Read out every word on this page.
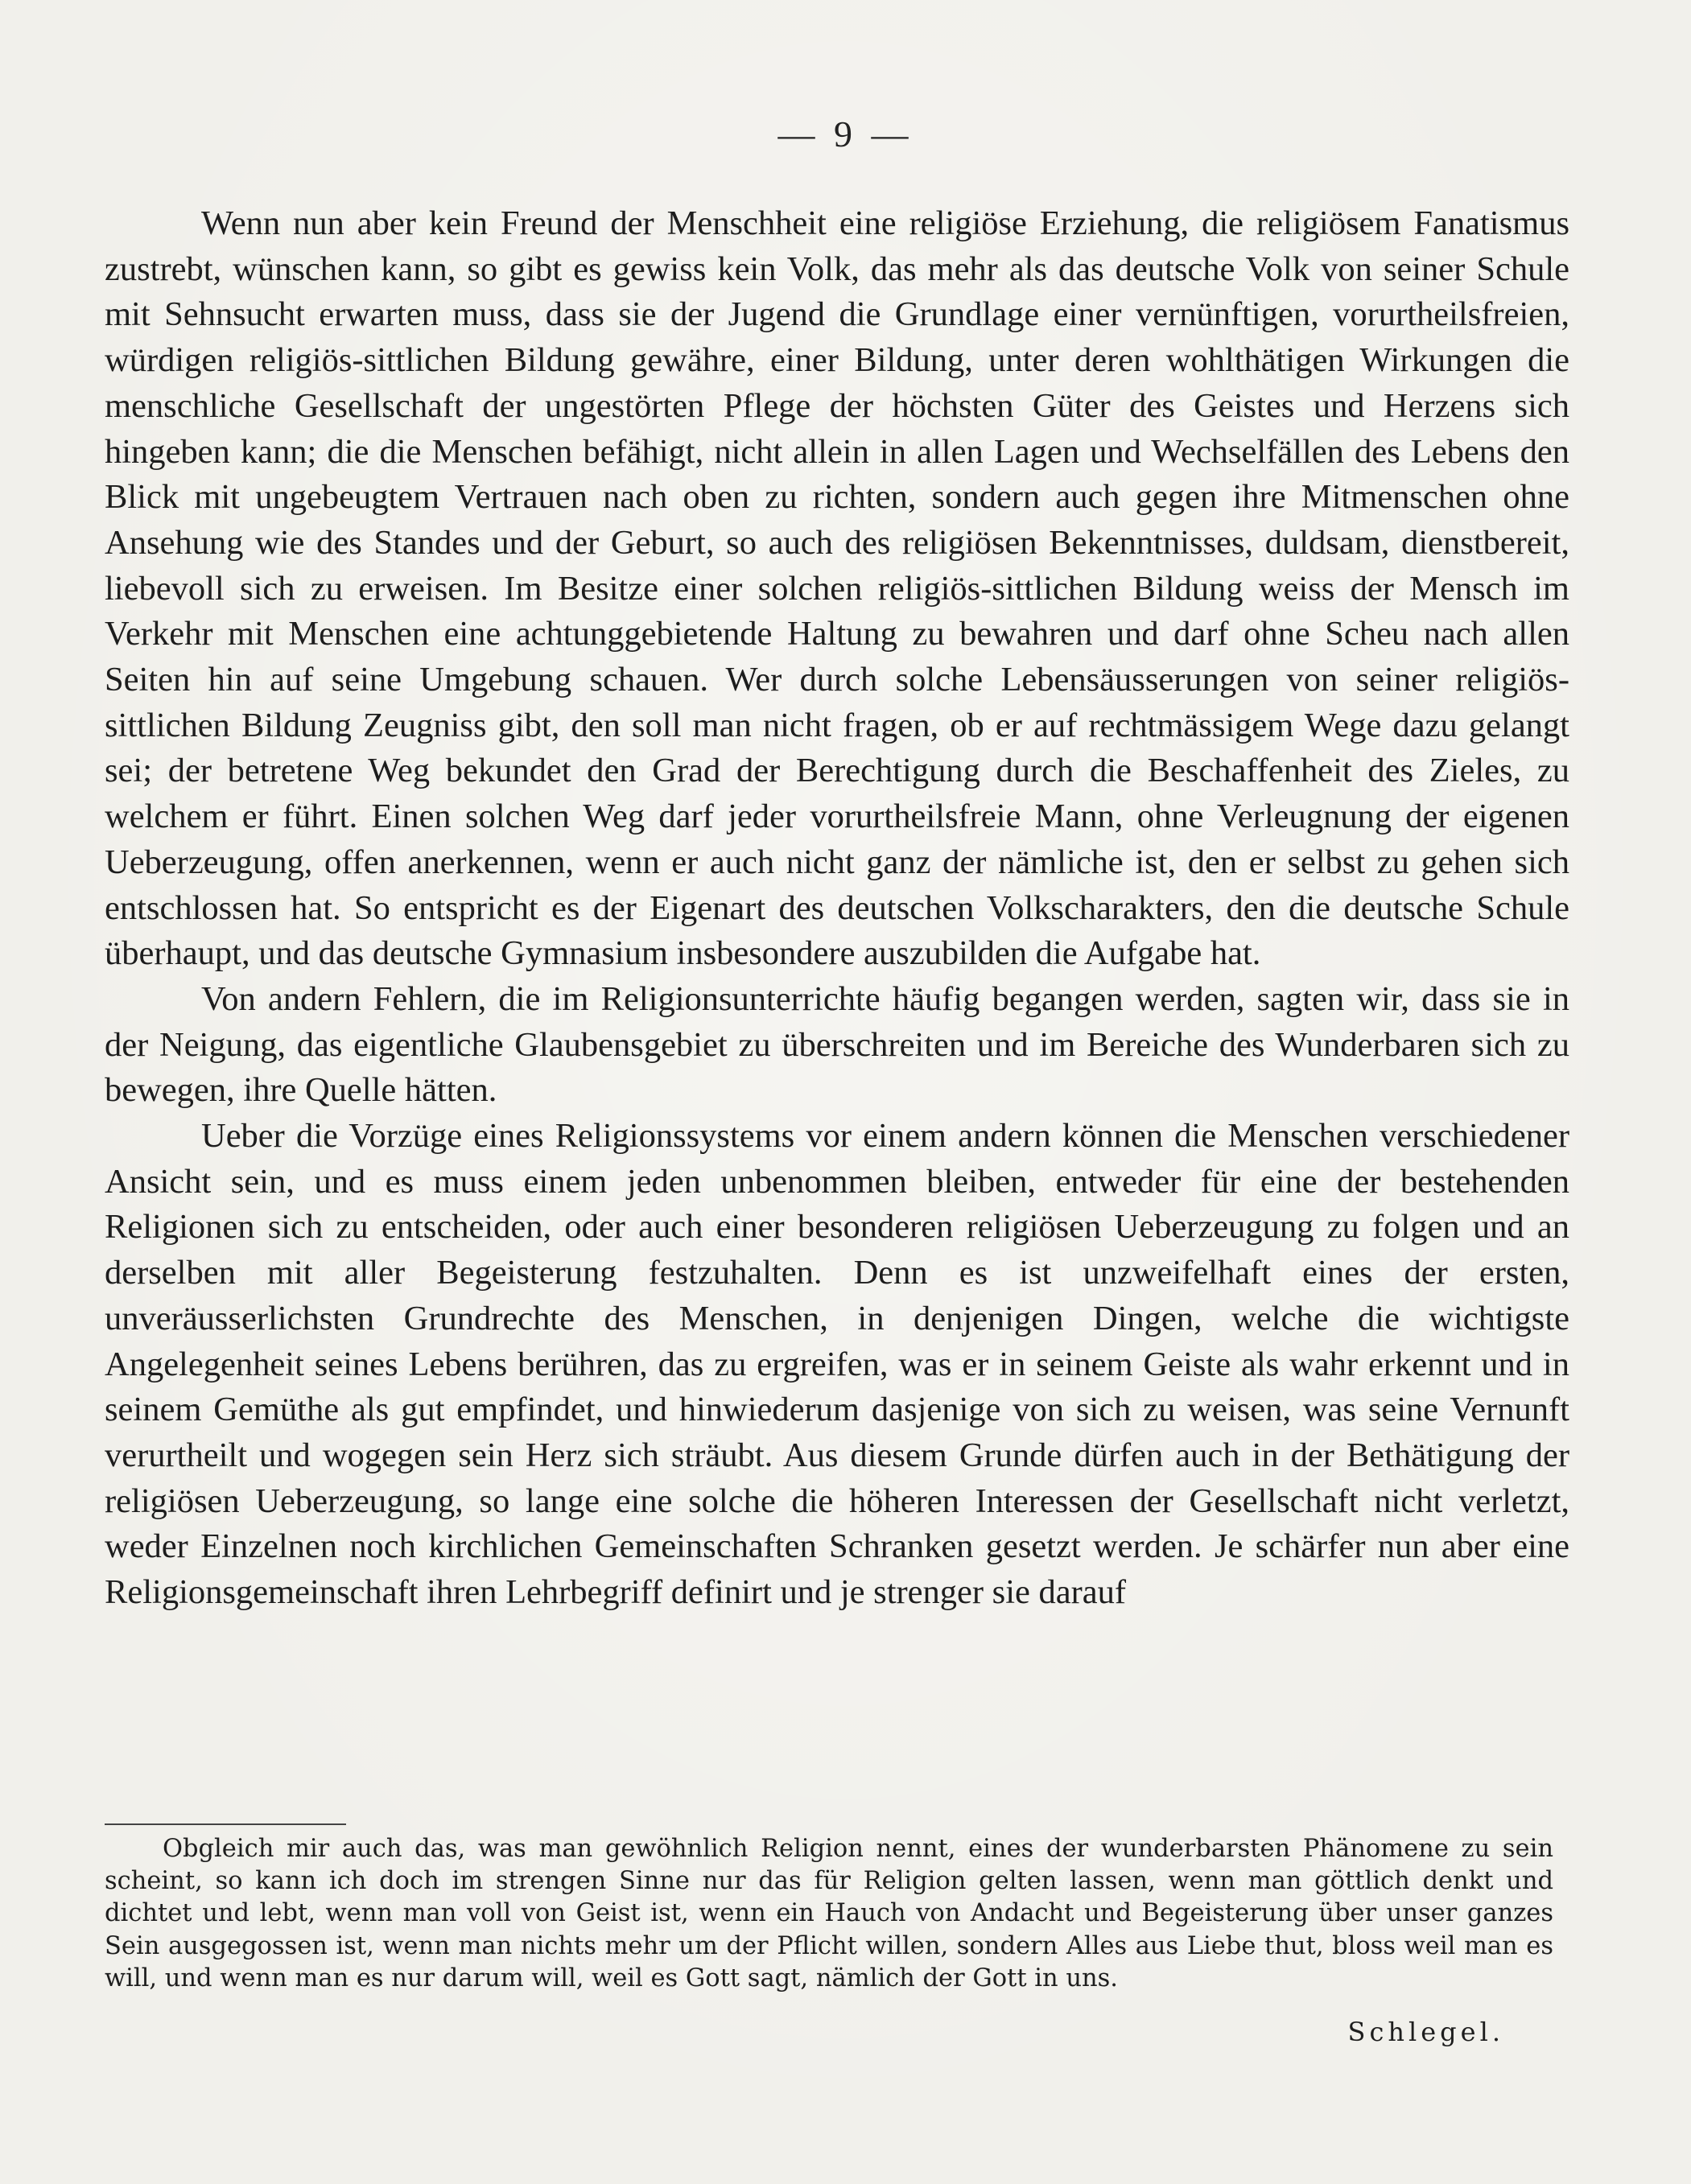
— 9 —

Wenn nun aber kein Freund der Menschheit eine religiöse Erziehung, die religiösem Fanatismus zustrebt, wünschen kann, so gibt es gewiss kein Volk, das mehr als das deutsche Volk von seiner Schule mit Sehnsucht erwarten muss, dass sie der Jugend die Grundlage einer vernünftigen, vorurtheilsfreien, würdigen religiös-sittlichen Bildung gewähre, einer Bildung, unter deren wohlthätigen Wirkungen die menschliche Gesellschaft der ungestörten Pflege der höchsten Güter des Geistes und Herzens sich hingeben kann; die die Menschen befähigt, nicht allein in allen Lagen und Wechselfällen des Lebens den Blick mit ungebeugtem Vertrauen nach oben zu richten, sondern auch gegen ihre Mitmenschen ohne Ansehung wie des Standes und der Geburt, so auch des religiösen Bekenntnisses, duldsam, dienstbereit, liebevoll sich zu erweisen. Im Besitze einer solchen religiös-sittlichen Bildung weiss der Mensch im Verkehr mit Menschen eine achtunggebietende Haltung zu bewahren und darf ohne Scheu nach allen Seiten hin auf seine Umgebung schauen. Wer durch solche Lebensäusserungen von seiner religiös-sittlichen Bildung Zeugniss gibt, den soll man nicht fragen, ob er auf rechtmässigem Wege dazu gelangt sei; der betretene Weg bekundet den Grad der Berechtigung durch die Beschaffenheit des Zieles, zu welchem er führt. Einen solchen Weg darf jeder vorurtheilsfreie Mann, ohne Verleugnung der eigenen Ueberzeugung, offen anerkennen, wenn er auch nicht ganz der nämliche ist, den er selbst zu gehen sich entschlossen hat. So entspricht es der Eigenart des deutschen Volkscharakters, den die deutsche Schule überhaupt, und das deutsche Gymnasium insbesondere auszubilden die Aufgabe hat.

Von andern Fehlern, die im Religionsunterrichte häufig begangen werden, sagten wir, dass sie in der Neigung, das eigentliche Glaubensgebiet zu überschreiten und im Bereiche des Wunderbaren sich zu bewegen, ihre Quelle hätten.

Ueber die Vorzüge eines Religionssystems vor einem andern können die Menschen verschiedener Ansicht sein, und es muss einem jeden unbenommen bleiben, entweder für eine der bestehenden Religionen sich zu entscheiden, oder auch einer besonderen religiösen Ueberzeugung zu folgen und an derselben mit aller Begeisterung festzuhalten. Denn es ist unzweifelhaft eines der ersten, unveräusserlichsten Grundrechte des Menschen, in denjenigen Dingen, welche die wichtigste Angelegenheit seines Lebens berühren, das zu ergreifen, was er in seinem Geiste als wahr erkennt und in seinem Gemüthe als gut empfindet, und hinwiederum dasjenige von sich zu weisen, was seine Vernunft verurtheilt und wogegen sein Herz sich sträubt. Aus diesem Grunde dürfen auch in der Bethätigung der religiösen Ueberzeugung, so lange eine solche die höheren Interessen der Gesellschaft nicht verletzt, weder Einzelnen noch kirchlichen Gemeinschaften Schranken gesetzt werden. Je schärfer nun aber eine Religionsgemeinschaft ihren Lehrbegriff definirt und je strenger sie darauf

Obgleich mir auch das, was man gewöhnlich Religion nennt, eines der wunderbarsten Phänomene zu sein scheint, so kann ich doch im strengen Sinne nur das für Religion gelten lassen, wenn man göttlich denkt und dichtet und lebt, wenn man voll von Geist ist, wenn ein Hauch von Andacht und Begeisterung über unser ganzes Sein ausgegossen ist, wenn man nichts mehr um der Pflicht willen, sondern Alles aus Liebe thut, bloss weil man es will, und wenn man es nur darum will, weil es Gott sagt, nämlich der Gott in uns.

Schlegel.
